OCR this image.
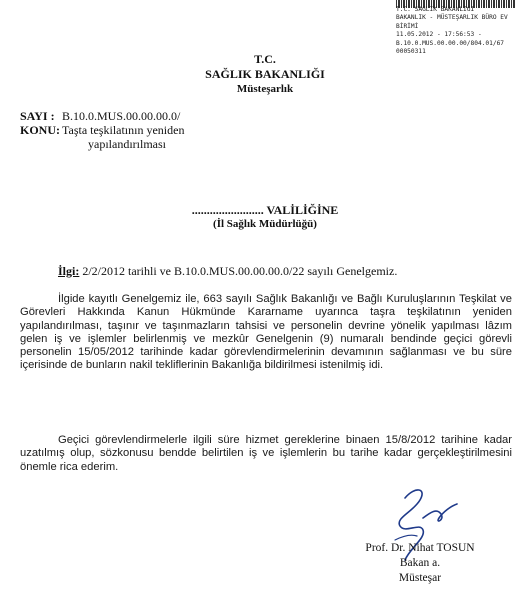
T.C. SAĞLIK BAKANLIĞI
BAKANLIK - MÜSTEŞARLIK BÜRO EV
BİRİMİ
11.05.2012 - 17:56:53 -
B.10.0.MUS.00.00.00/804.01/67
00050311
T.C.
SAĞLIK BAKANLIĞI
Müsteşarlık
SAYI : B.10.0.MUS.00.00.00.0/
KONU: Taşta teşkilatının yeniden
yapılandırılması
........................ VALİLİĞİNE
(İl Sağlık Müdürlüğü)
İlgi: 2/2/2012 tarihli ve B.10.0.MUS.00.00.00.0/22 sayılı Genelgemiz.
İlgide kayıtlı Genelgemiz ile, 663 sayılı Sağlık Bakanlığı ve Bağlı Kuruluşlarının Teşkilat ve Görevleri Hakkında Kanun Hükmünde Kararname uyarınca taşra teşkilatının yeniden yapılandırılması, taşınır ve taşınmazların tahsisi ve personelin devrine yönelik yapılması lâzım gelen iş ve işlemler belirlenmiş ve mezkûr Genelgenin (9) numaralı bendinde geçici görevli personelin 15/05/2012 tarihinde kadar görevlendirmelerinin devamının sağlanması ve bu süre içerisinde de bunların nakil tekliflerinin Bakanlığa bildirilmesi istenilmiş idi.
Geçici görevlendirmelerle ilgili süre hizmet gereklerine binaen 15/8/2012 tarihine kadar uzatılmış olup, sözkonusu bendde belirtilen iş ve işlemlerin bu tarihe kadar gerçekleştirilmesini önemle rica ederim.
Prof. Dr. Nihat TOSUN
Bakan a.
Müsteşar
